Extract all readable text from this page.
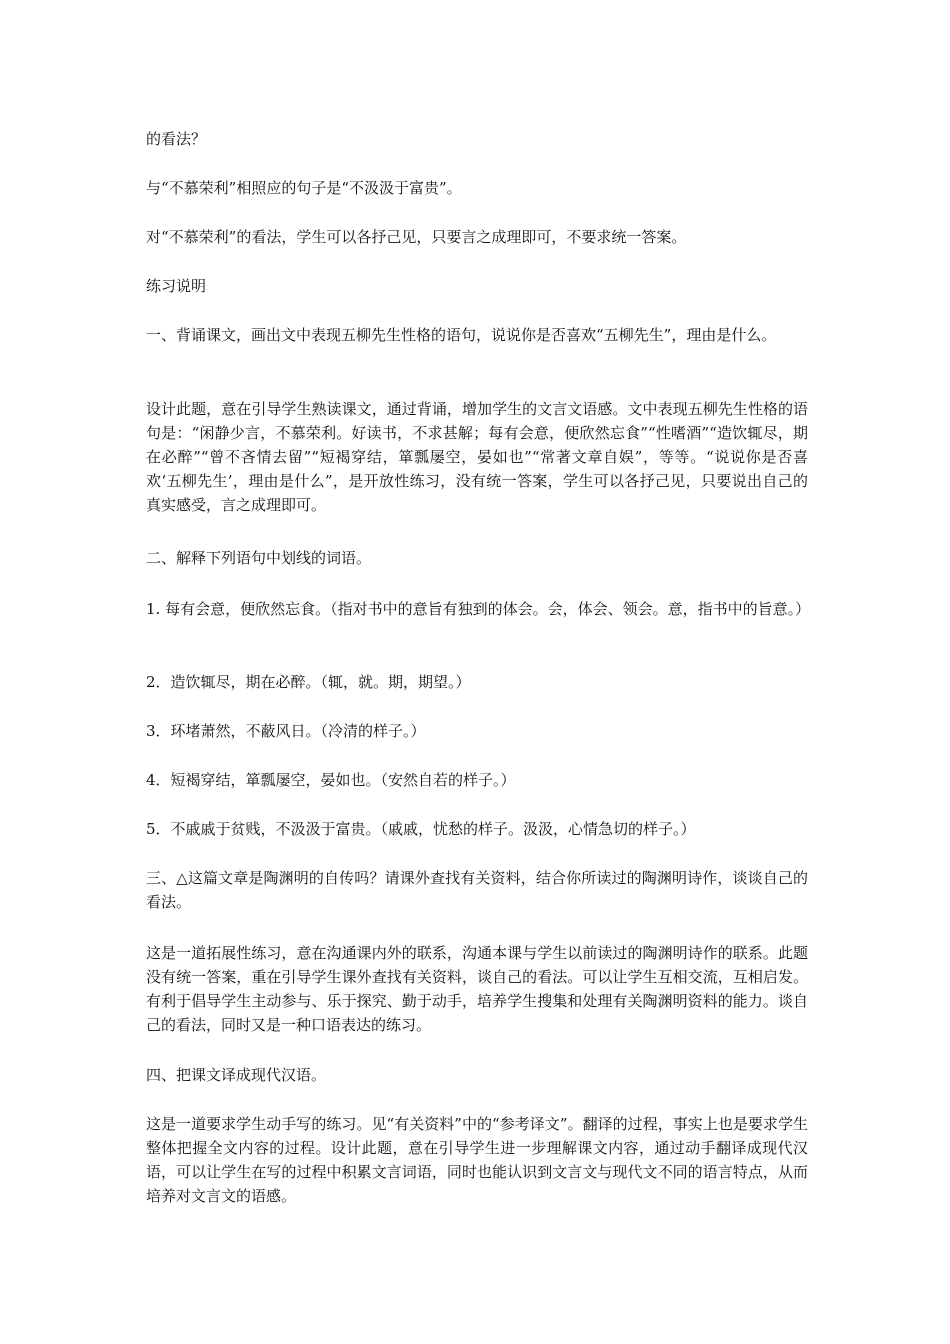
的看法？

与“不慕荣利”相照应的句子是“不汲汲于富贵”。

对“不慕荣利”的看法，学生可以各抒己见，只要言之成理即可，不要求统一答案。

练习说明

一、背诵课文，画出文中表现五柳先生性格的语句，说说你是否喜欢“五柳先生”，理由是什么。

设计此题，意在引导学生熟读课文，通过背诵，增加学生的文言文语感。文中表现五柳先生性格的语句是：“闲静少言，不慕荣利。好读书，不求甚解；每有会意，便欣然忘食”“性嗜酒”“造饮辄尽，期在必醉”“曾不吝情去留”“短褐穿结，箪瓢屡空，晏如也”“常著文章自娱”，等等。“说说你是否喜欢‘五柳先生’，理由是什么”，是开放性练习，没有统一答案，学生可以各抒己见，只要说出自己的真实感受，言之成理即可。

二、解释下列语句中划线的词语。

1. 每有会意，便欣然忘食。（指对书中的意旨有独到的体会。会，体会、领会。意，指书中的旨意。）

2．造饮辄尽，期在必醉。（辄，就。期，期望。）

3．环堵萧然，不蔽风日。（冷清的样子。）

4．短褐穿结，箪瓢屡空，晏如也。（安然自若的样子。）

5．不戚戚于贫贱，不汲汲于富贵。（戚戚，忧愁的样子。汲汲，心情急切的样子。）

三、△这篇文章是陶渊明的自传吗？请课外查找有关资料，结合你所读过的陶渊明诗作，谈谈自己的看法。

这是一道拓展性练习，意在沟通课内外的联系，沟通本课与学生以前读过的陶渊明诗作的联系。此题没有统一答案，重在引导学生课外查找有关资料，谈自己的看法。可以让学生互相交流，互相启发。有利于倡导学生主动参与、乐于探究、勤于动手，培养学生搜集和处理有关陶渊明资料的能力。谈自己的看法，同时又是一种口语表达的练习。

四、把课文译成现代汉语。

这是一道要求学生动手写的练习。见“有关资料”中的“参考译文”。翻译的过程，事实上也是要求学生整体把握全文内容的过程。设计此题，意在引导学生进一步理解课文内容，通过动手翻译成现代汉语，可以让学生在写的过程中积累文言词语，同时也能认识到文言文与现代文不同的语言特点，从而培养对文言文的语感。
